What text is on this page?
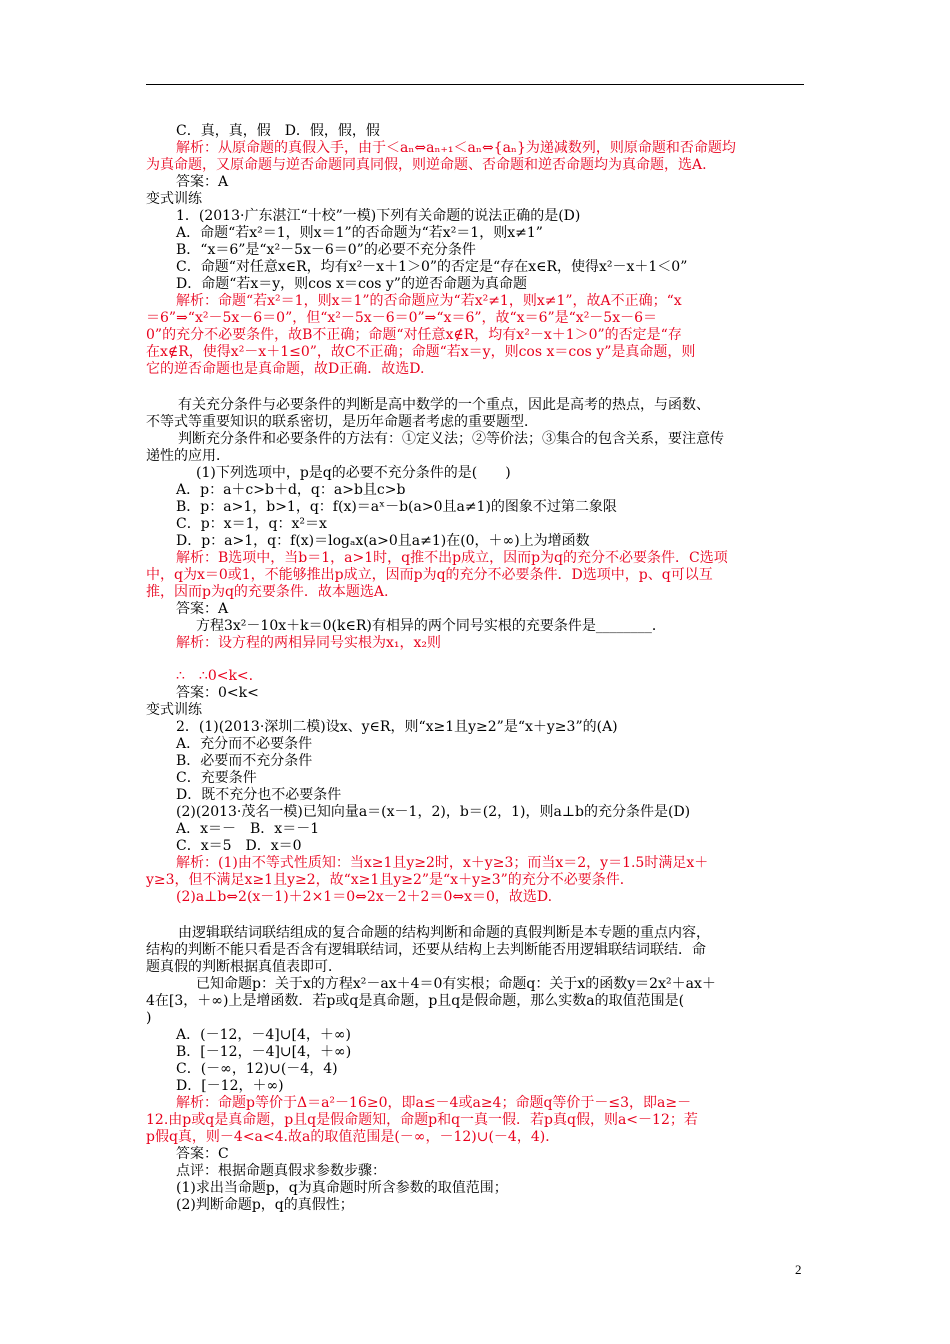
C．真，真，假　D．假，假，假
解析：从原命题的真假入手，由于＜aₙ⇔aₙ₊₁＜aₙ⇔{aₙ}为递减数列，则原命题和否命题均
为真命题，又原命题与逆否命题同真同假，则逆命题、否命题和逆否命题均为真命题，选A.
答案：A
变式训练
1．(2013·广东湛江“十校”一模)下列有关命题的说法正确的是(D)
A．命题“若x²＝1，则x＝1”的否命题为“若x²＝1，则x≠1”
B．“x＝6”是“x²－5x－6＝0”的必要不充分条件
C．命题“对任意x∈R，均有x²－x＋1＞0”的否定是“存在x∈R，使得x²－x＋1＜0”
D．命题“若x＝y，则cos x＝cos y”的逆否命题为真命题
解析：命题“若x²＝1，则x＝1”的否命题应为“若x²≠1，则x≠1”，故A不正确；“x
＝6”⇒“x²－5x－6＝0”，但“x²－5x－6＝0”⇒“x＝6”，故“x＝6”是“x²－5x－6＝
0”的充分不必要条件，故B不正确；命题“对任意x∉R，均有x²－x＋1＞0”的否定是“存
在x∉R，使得x²－x＋1≤0”，故C不正确；命题“若x＝y，则cos x＝cos y”是真命题，则
它的逆否命题也是真命题，故D正确．故选D.
有关充分条件与必要条件的判断是高中数学的一个重点，因此是高考的热点，与函数、
不等式等重要知识的联系密切，是历年命题者考虑的重要题型．
判断充分条件和必要条件的方法有：①定义法；②等价法；③集合的包含关系，要注意传
递性的应用．
(1)下列选项中，p是q的必要不充分条件的是(　　)
A．p：a＋c>b＋d，q：a>b且c>b
B．p：a>1，b>1，q：f(x)＝aˣ－b(a>0且a≠1)的图象不过第二象限
C．p：x＝1，q：x²＝x
D．p：a>1，q：f(x)＝logₐx(a>0且a≠1)在(0，＋∞)上为增函数
解析：B选项中，当b＝1，a>1时，q推不出p成立，因而p为q的充分不必要条件．C选项
中，q为x＝0或1，不能够推出p成立，因而p为q的充分不必要条件．D选项中，p、q可以互
推，因而p为q的充要条件．故本题选A.
答案：A
方程3x²－10x＋k＝0(k∈R)有相异的两个同号实根的充要条件是________．
解析：设方程的两相异同号实根为x₁，x₂则
∴　∴0<k<.
答案：0<k<
变式训练
2．(1)(2013·深圳二模)设x、y∈R，则“x≥1且y≥2”是“x＋y≥3”的(A)
A．充分而不必要条件
B．必要而不充分条件
C．充要条件
D．既不充分也不必要条件
(2)(2013·茂名一模)已知向量a＝(x－1，2)，b＝(2，1)，则a⊥b的充分条件是(D)
A．x＝－　B．x＝－1
C．x＝5　D．x＝0
解析：(1)由不等式性质知：当x≥1且y≥2时，x＋y≥3；而当x＝2，y＝1.5时满足x＋
y≥3，但不满足x≥1且y≥2，故“x≥1且y≥2”是“x＋y≥3”的充分不必要条件．
(2)a⊥b⇔2(x－1)＋2×1＝0⇔2x－2＋2＝0⇔x＝0，故选D.
由逻辑联结词联结组成的复合命题的结构判断和命题的真假判断是本专题的重点内容，
结构的判断不能只看是否含有逻辑联结词，还要从结构上去判断能否用逻辑联结词联结．命
题真假的判断根据真值表即可．
已知命题p：关于x的方程x²－ax＋4＝0有实根；命题q：关于x的函数y＝2x²＋ax＋
4在[3，＋∞)上是增函数．若p或q是真命题，p且q是假命题，那么实数a的取值范围是(
)
A．(－12，－4]∪[4，＋∞)
B．[－12，－4]∪[4，＋∞)
C．(－∞，12)∪(－4，4)
D．[－12，＋∞)
解析：命题p等价于Δ＝a²－16≥0，即a≤－4或a≥4；命题q等价于－≤3，即a≥－
12.由p或q是真命题，p且q是假命题知，命题p和q一真一假．若p真q假，则a<－12；若
p假q真，则－4<a<4.故a的取值范围是(－∞，－12)∪(－4，4)．
答案：C
点评：根据命题真假求参数步骤：
(1)求出当命题p，q为真命题时所含参数的取值范围；
(2)判断命题p，q的真假性；
2
